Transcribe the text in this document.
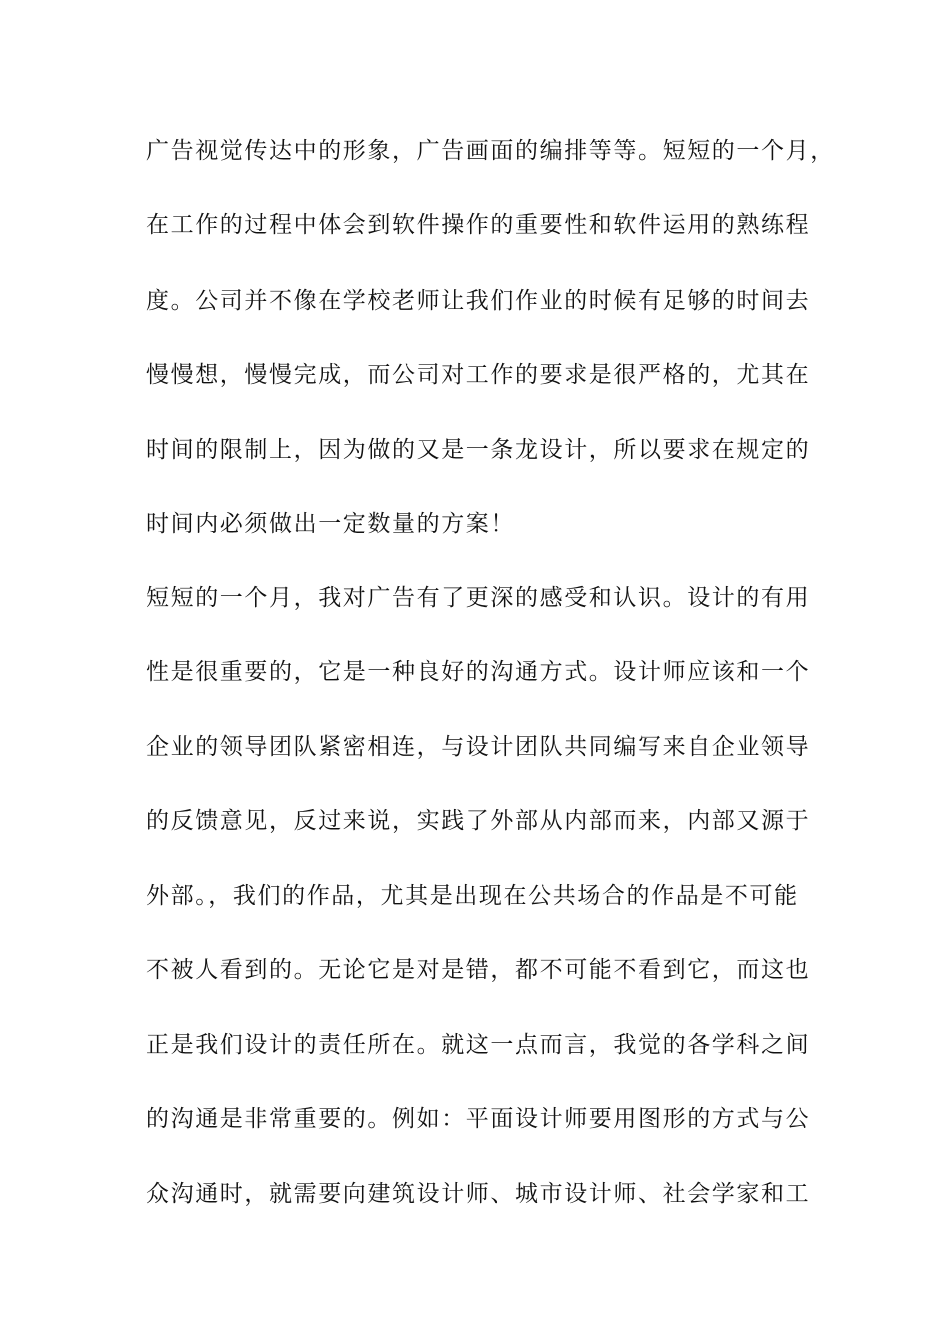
广告视觉传达中的形象，广告画面的编排等等。短短的一个月，
在工作的过程中体会到软件操作的重要性和软件运用的熟练程
度。公司并不像在学校老师让我们作业的时候有足够的时间去
慢慢想，慢慢完成，而公司对工作的要求是很严格的，尤其在
时间的限制上，因为做的又是一条龙设计，所以要求在规定的
时间内必须做出一定数量的方案！
短短的一个月，我对广告有了更深的感受和认识。设计的有用
性是很重要的，它是一种良好的沟通方式。设计师应该和一个
企业的领导团队紧密相连，与设计团队共同编写来自企业领导
的反馈意见，反过来说，实践了外部从内部而来，内部又源于
外部。，我们的作品，尤其是出现在公共场合的作品是不可能
不被人看到的。无论它是对是错，都不可能不看到它，而这也
正是我们设计的责任所在。就这一点而言，我觉的各学科之间
的沟通是非常重要的。例如：平面设计师要用图形的方式与公
众沟通时，就需要向建筑设计师、城市设计师、社会学家和工
